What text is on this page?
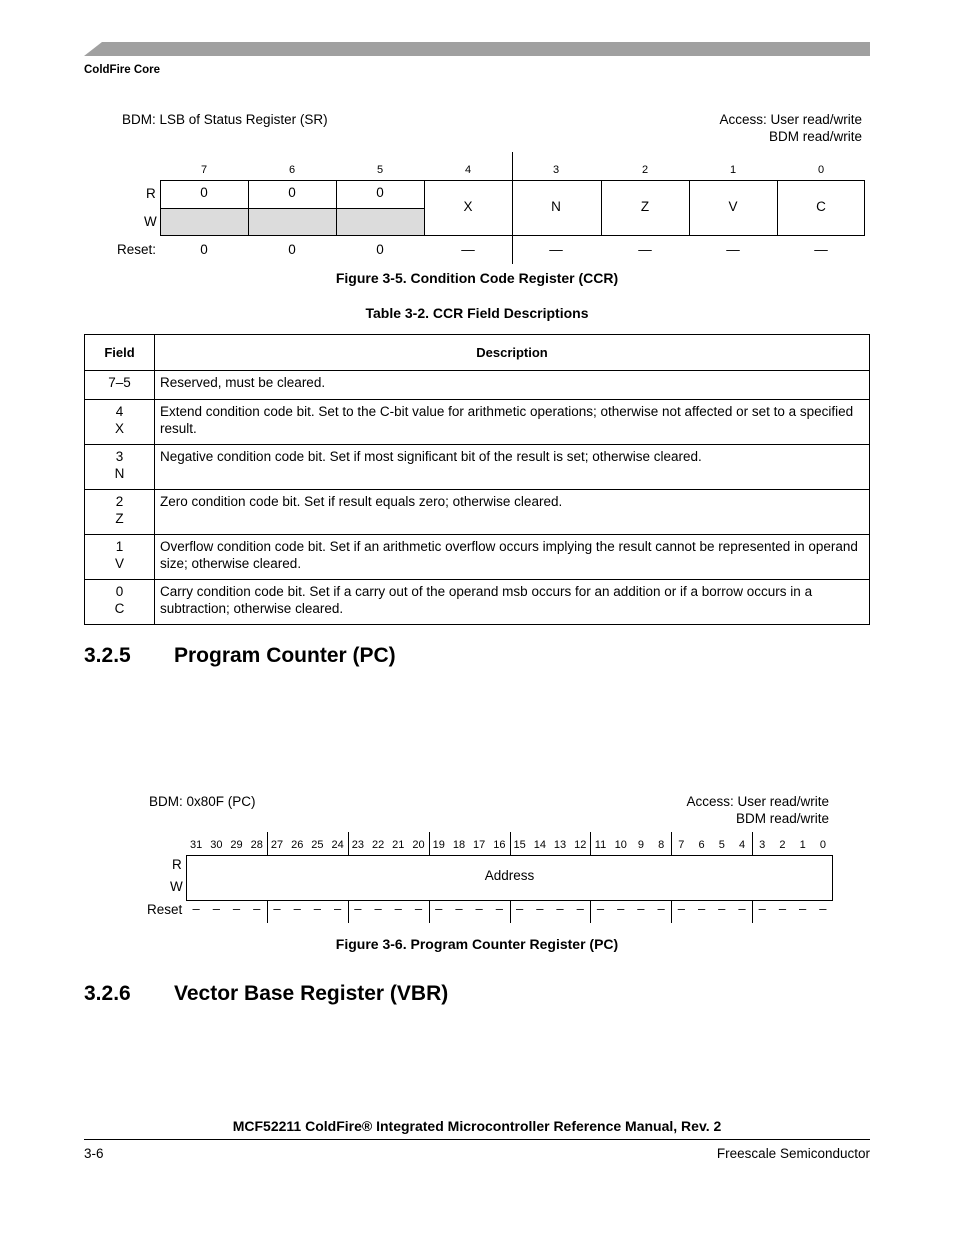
ColdFire Core
BDM: LSB of Status Register (SR)	Access: User read/write
BDM read/write
7	6	5	4	3	2	1	0
R
W
0	0	0
X	N	Z	V	C
Reset:	0	0	0	—	—	—	—	—
Figure 3-5. Condition Code Register (CCR)
Table 3-2. CCR Field Descriptions
Field	Description

7–5	Reserved, must be cleared.

4
X	Extend condition code bit. Set to the C-bit value for arithmetic operations; otherwise not affected or set to a specified result.

3
N	Negative condition code bit. Set if most significant bit of the result is set; otherwise cleared.

2
Z	Zero condition code bit. Set if result equals zero; otherwise cleared.

1
V	Overflow condition code bit. Set if an arithmetic overflow occurs implying the result cannot be represented in operand size; otherwise cleared.

0
C	Carry condition code bit. Set if a carry out of the operand msb occurs for an addition or if a borrow occurs in a subtraction; otherwise cleared.
3.2.5 Program Counter (PC)
BDM: 0x80F (PC)	Access: User read/write
BDM read/write
31 30 29 28 27 26 25 24 23 22 21 20 19 18 17 16 15 14 13 12 11 10	9	8	7	6	5	4	3	2	1	0
R
W
Address
Reset – – – – – – – – – – – – – – – – – – – – – – – – – – – – – – – –
Figure 3-6. Program Counter Register (PC)
3.2.6 Vector Base Register (VBR)
MCF52211 ColdFire® Integrated Microcontroller Reference Manual, Rev. 2
3-6	Freescale Semiconductor
